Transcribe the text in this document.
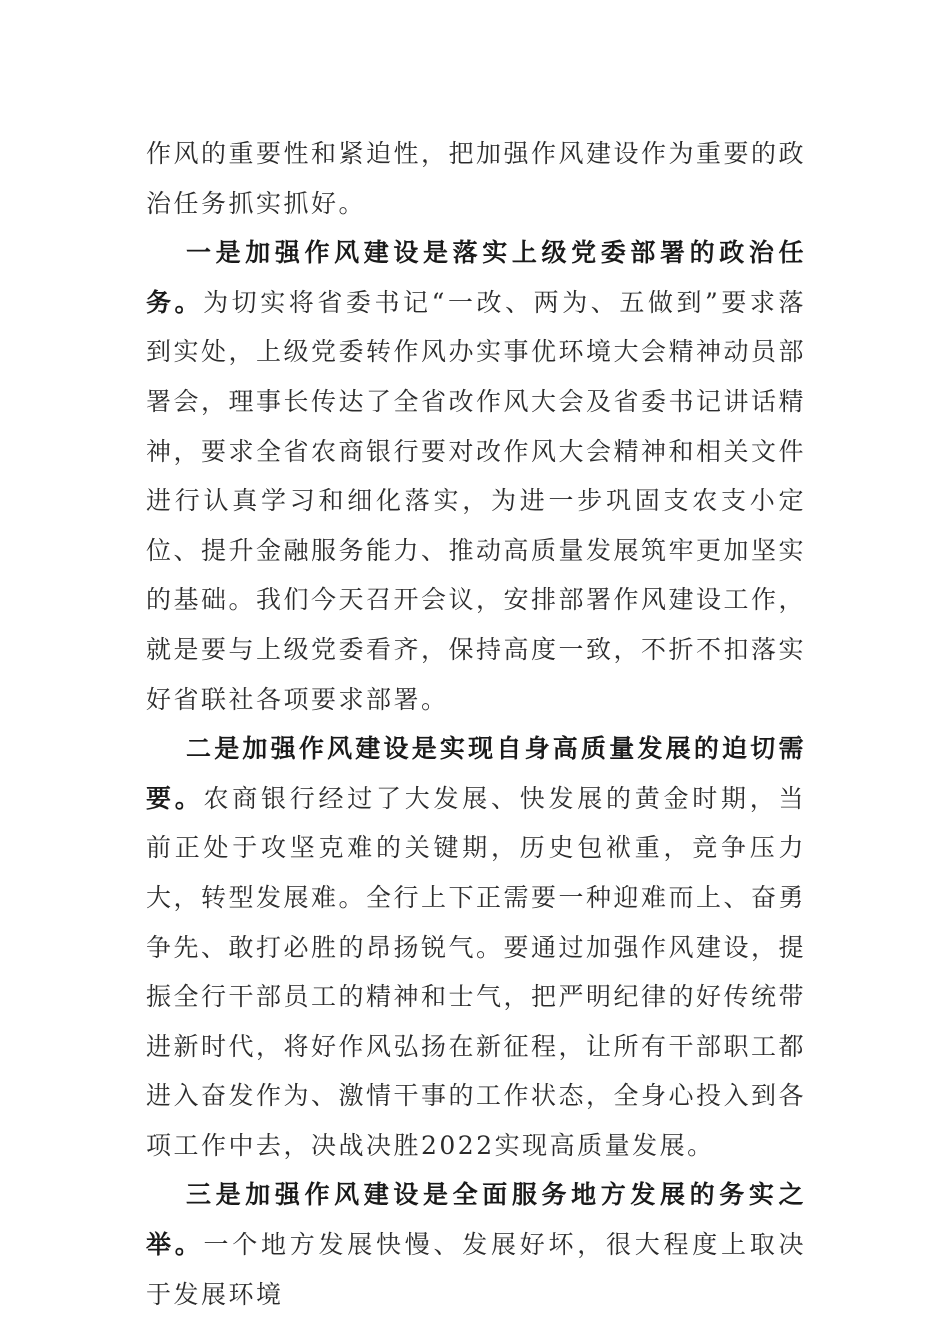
作风的重要性和紧迫性，把加强作风建设作为重要的政治任务抓实抓好。

一是加强作风建设是落实上级党委部署的政治任务。为切实将省委书记“一改、两为、五做到”要求落到实处，上级党委转作风办实事优环境大会精神动员部署会，理事长传达了全省改作风大会及省委书记讲话精神，要求全省农商银行要对改作风大会精神和相关文件进行认真学习和细化落实，为进一步巩固支农支小定位、提升金融服务能力、推动高质量发展筑牢更加坚实的基础。我们今天召开会议，安排部署作风建设工作，就是要与上级党委看齐，保持高度一致，不折不扣落实好省联社各项要求部署。

二是加强作风建设是实现自身高质量发展的迫切需要。农商银行经过了大发展、快发展的黄金时期，当前正处于攻坚克难的关键期，历史包袱重，竞争压力大，转型发展难。全行上下正需要一种迎难而上、奋勇争先、敢打必胜的昂扬锐气。要通过加强作风建设，提振全行干部员工的精神和士气，把严明纪律的好传统带进新时代，将好作风弘扬在新征程，让所有干部职工都进入奋发作为、激情干事的工作状态，全身心投入到各项工作中去，决战决胜2022实现高质量发展。

三是加强作风建设是全面服务地方发展的务实之举。一个地方发展快慢、发展好坏，很大程度上取决于发展环境
